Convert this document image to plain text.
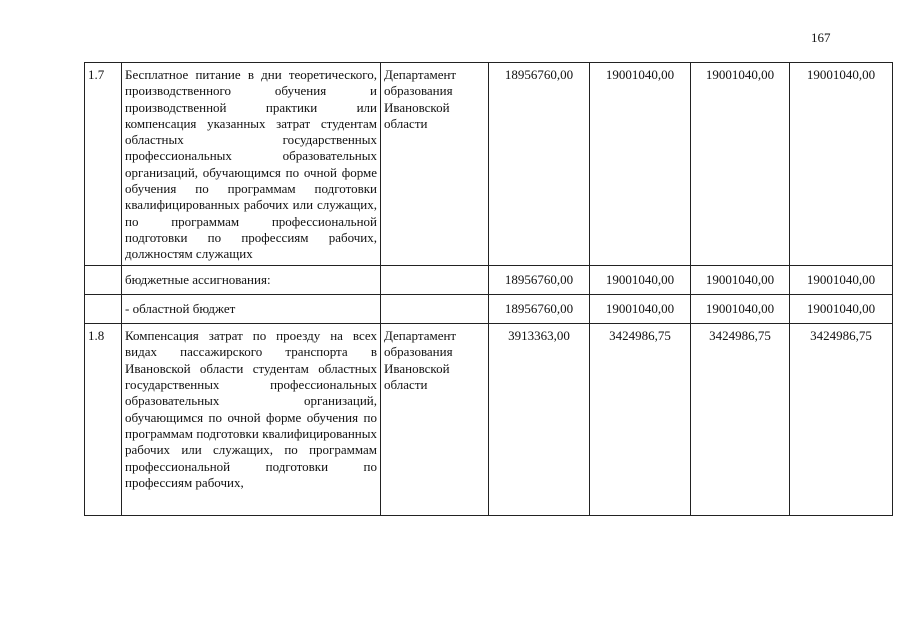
167
1.7	Бесплатное питание в дни теоретического, производственного обучения и производственной практики или компенсация указанных затрат студентам областных государственных профессиональных образовательных организаций, обучающимся по очной форме обучения по программам подготовки квалифицированных рабочих или служащих, по программам профессиональной подготовки по профессиям рабочих, должностям служащих	Департамент образования Ивановской области	18956760,00	19001040,00	19001040,00	19001040,00
	бюджетные ассигнования:		18956760,00	19001040,00	19001040,00	19001040,00
	- областной бюджет		18956760,00	19001040,00	19001040,00	19001040,00
1.8	Компенсация затрат по проезду на всех видах пассажирского транспорта в Ивановской области студентам областных государственных профессиональных образовательных организаций, обучающимся по очной форме обучения по программам подготовки квалифицированных рабочих или служащих, по программам профессиональной подготовки по профессиям рабочих,	Департамент образования Ивановской области	3913363,00	3424986,75	3424986,75	3424986,75
